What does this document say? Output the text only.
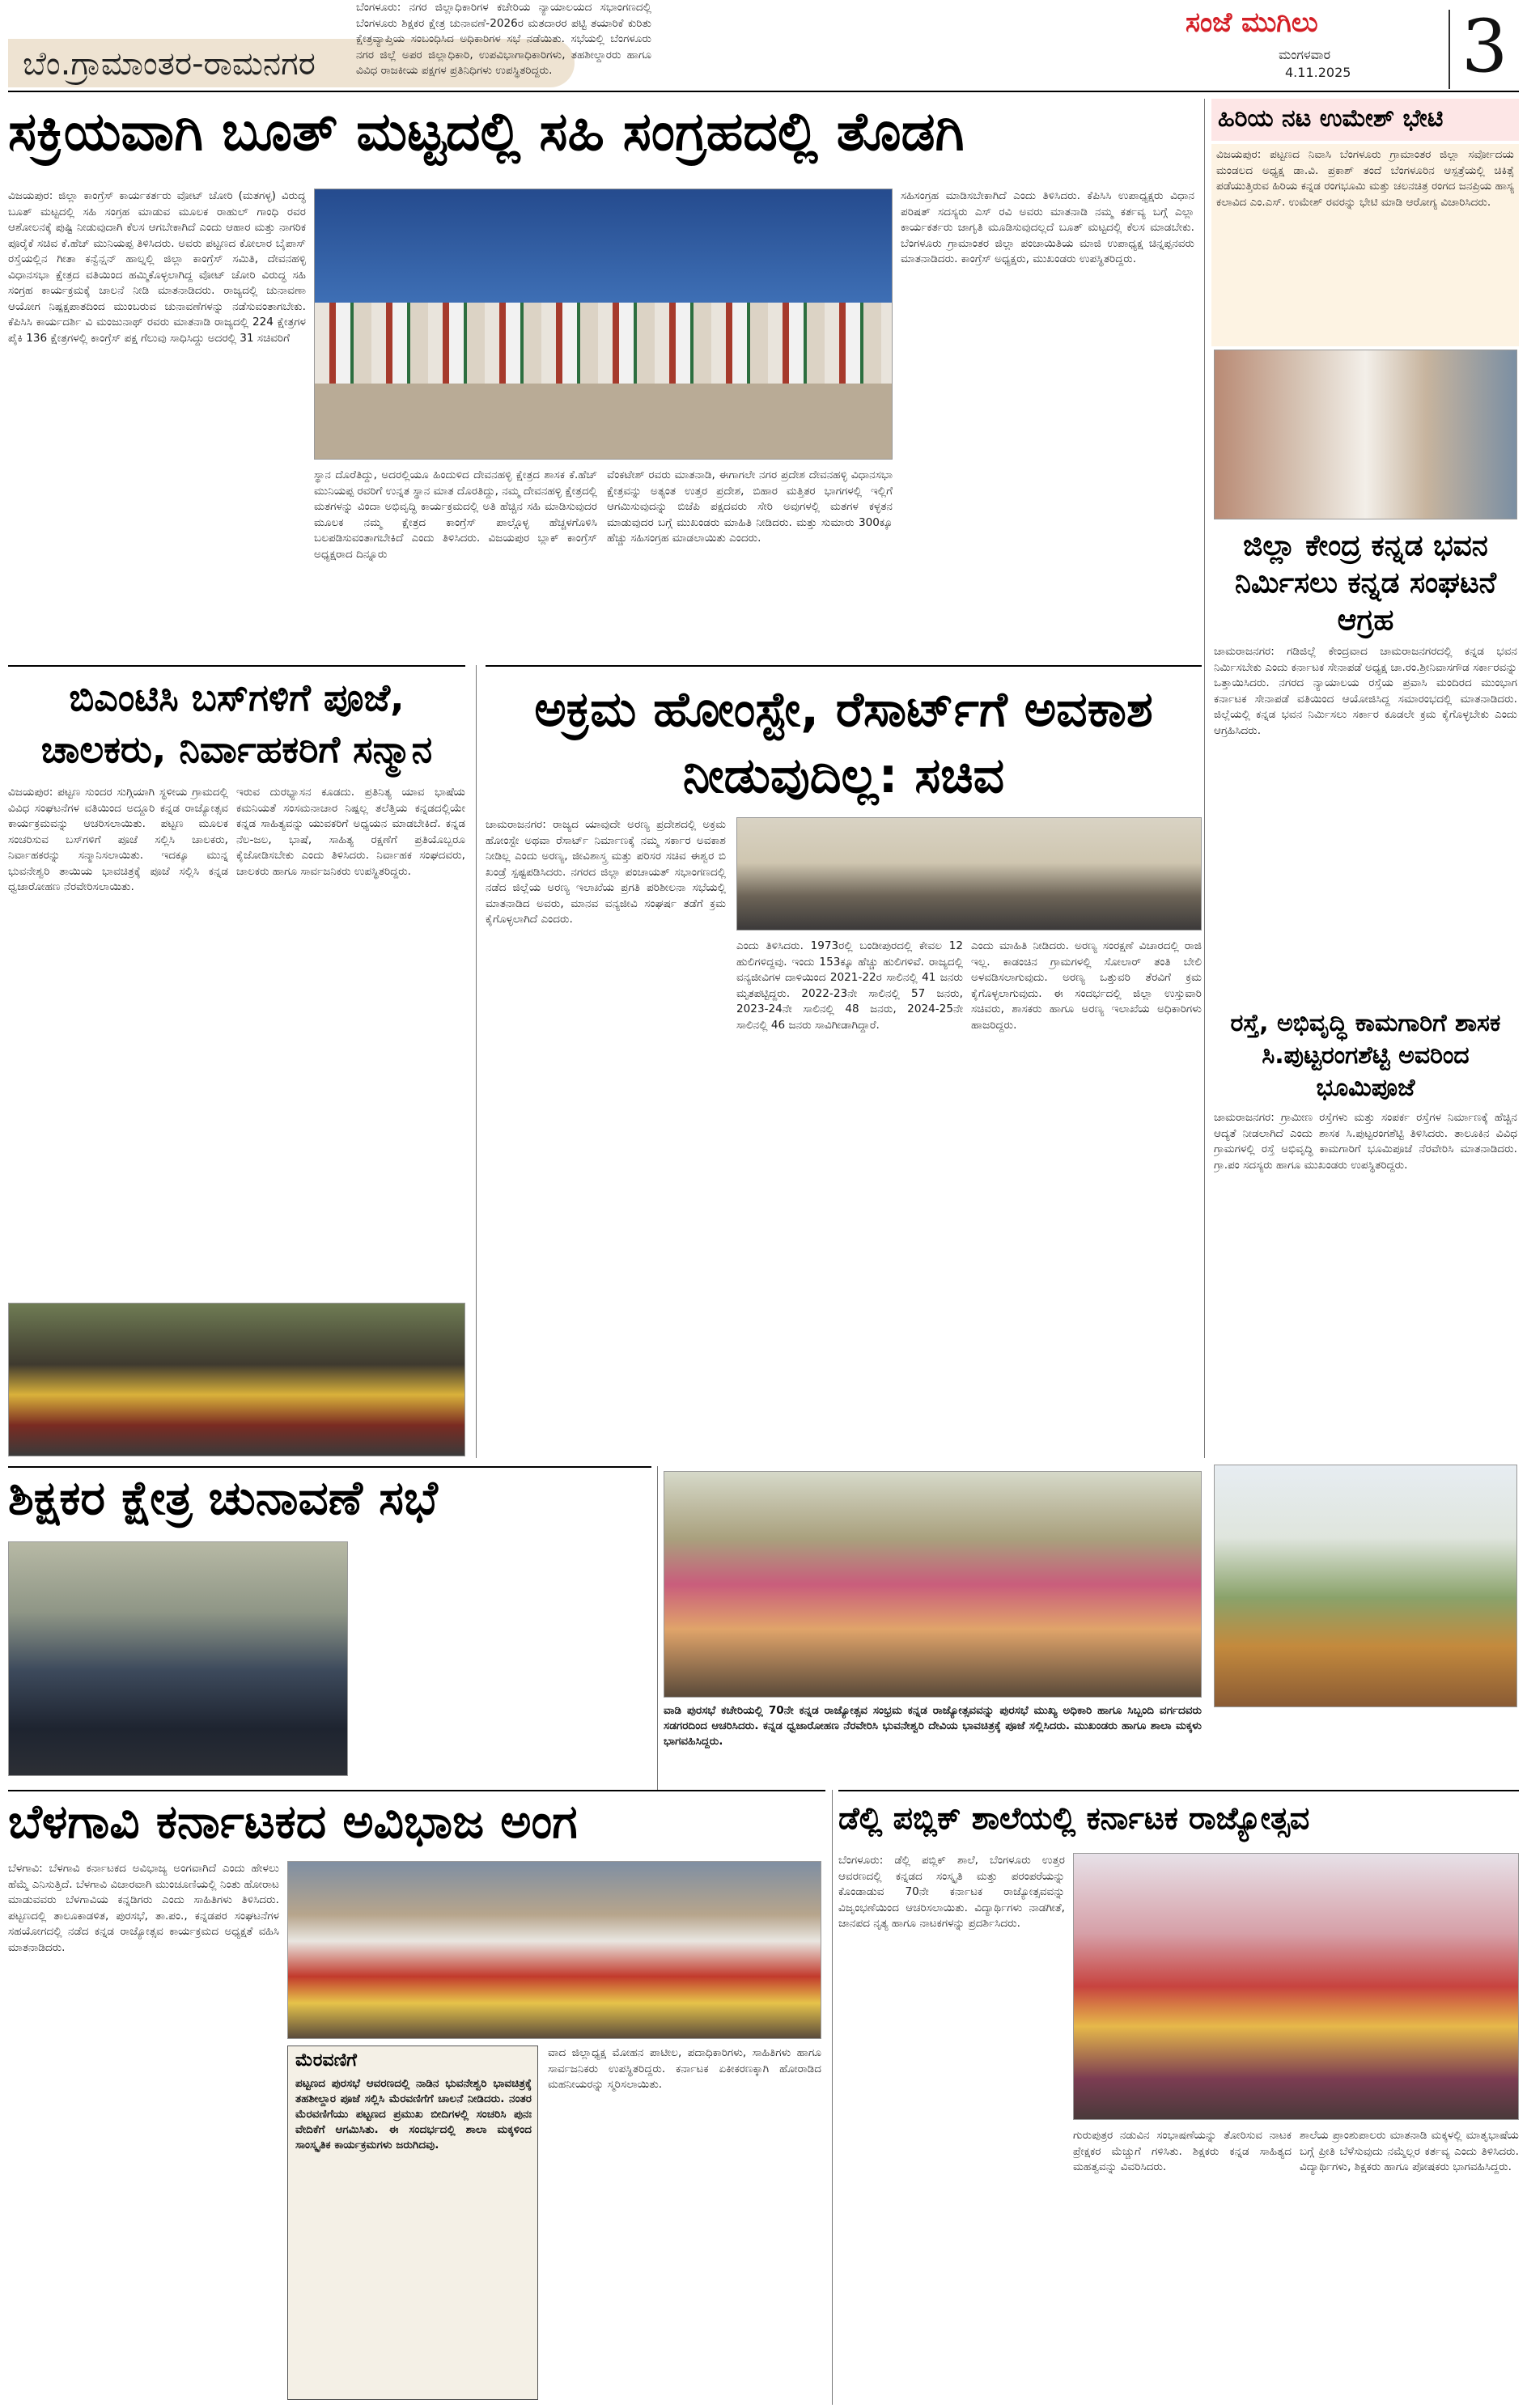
ಬೆಂ.ಗ್ರಾಮಾಂತರ-ರಾಮನಗರ
ಸಂಜೆ ಮುಗಿಲು
ಮಂಗಳವಾರ
4.11.2025 3
ಸಕ್ರಿಯವಾಗಿ ಬೂತ್ ಮಟ್ಟದಲ್ಲಿ ಸಹಿ ಸಂಗ್ರಹದಲ್ಲಿ ತೊಡಗಿ
ವಿಜಯಪುರ: ಜಿಲ್ಲಾ ಕಾಂಗ್ರೆಸ್ ಕಾರ್ಯಕರ್ತರು ವೋಟ್ ಚೋರಿ (ಮತಗಳ್ಳ) ವಿರುದ್ಧ ಬೂತ್ ಮಟ್ಟದಲ್ಲಿ ಸಹಿ ಸಂಗ್ರಹ ಮಾಡುವ ಮೂಲಕ ರಾಹುಲ್ ಗಾಂಧಿ ರವರ ಆಶೋಲನಕ್ಕೆ ಪುಷ್ಟಿ ನೀಡುವುದಾಗಿ ಕೆಲಸ ಆಗಬೇಕಾಗಿದೆ ಎಂದು ಆಹಾರ ಮತ್ತು ನಾಗರಿಕ ಪೂರೈಕೆ ಸಚಿವ ಕೆ.ಹೆಚ್ ಮುನಿಯಪ್ಪ ತಿಳಿಸಿದರು. ಅವರು ಪಟ್ಟಣದ ಕೋಲಾರ ಬೈಪಾಸ್ ರಸ್ತೆಯಲ್ಲಿನ ಗೀತಾ ಕನ್ವೆನ್ಷನ್ ಹಾಲ್ನಲ್ಲಿ ಜಿಲ್ಲಾ ಕಾಂಗ್ರೆಸ್ ಸಮಿತಿ, ದೇವನಹಳ್ಳಿ ವಿಧಾನಸಭಾ ಕ್ಷೇತ್ರದ ವತಿಯಿಂದ ಹಮ್ಮಿಕೊಳ್ಳಲಾಗಿದ್ದ ವೋಟ್ ಚೋರಿ ವಿರುದ್ಧ ಸಹಿ ಸಂಗ್ರಹ ಕಾರ್ಯಕ್ರಮಕ್ಕೆ ಚಾಲನೆ ನೀಡಿ ಮಾತನಾಡಿದರು. ರಾಜ್ಯದಲ್ಲಿ ಚುನಾವಣಾ ಆಯೋಗ ನಿಷ್ಪಕ್ಷಪಾತದಿಂದ ಮುಂಬರುವ ಚುನಾವಣೆಗಳನ್ನು ನಡೆಸುವಂತಾಗಬೇಕು. ಕೆಪಿಸಿಸಿ ಕಾರ್ಯದರ್ಶಿ ವಿ ಮಂಜುನಾಥ್ ರವರು ಮಾತನಾಡಿ ರಾಜ್ಯದಲ್ಲಿ 224 ಕ್ಷೇತ್ರಗಳ ಪೈಕಿ 136 ಕ್ಷೇತ್ರಗಳಲ್ಲಿ ಕಾಂಗ್ರೆಸ್ ಪಕ್ಷ ಗೆಲುವು ಸಾಧಿಸಿದ್ದು ಅದರಲ್ಲಿ 31 ಸಚಿವರಿಗೆ
ಸ್ಥಾನ ದೊರೆತಿದ್ದು, ಅದರಲ್ಲಿಯೂ ಹಿಂದುಳಿದ ದೇವನಹಳ್ಳಿ ಕ್ಷೇತ್ರದ ಶಾಸಕ ಕೆ.ಹೆಚ್ ಮುನಿಯಪ್ಪ ರವರಿಗೆ ಉನ್ನತ ಸ್ಥಾನ ಮಾತ ದೊರತಿದ್ದು, ನಮ್ಮ ದೇವನಹಳ್ಳಿ ಕ್ಷೇತ್ರದಲ್ಲಿ ಮತಗಳನ್ನು ವಿಂದಾ ಅಭಿವೃದ್ಧಿ ಕಾರ್ಯಕ್ರಮದಲ್ಲಿ ಅತಿ ಹೆಚ್ಚಿನ ಸಹಿ ಮಾಡಿಸುವುದರ ಮೂಲಕ ನಮ್ಮ ಕ್ಷೇತ್ರದ ಕಾಂಗ್ರೆಸ್ ಪಾಲ್ಗೊಳ್ಳ ಹೆಚ್ಚಳಗೊಳಿಸಿ ಬಲಪಡಿಸುವಂತಾಗಬೇಕಿದೆ ಎಂದು ತಿಳಿಸಿದರು. ವಿಜಯಪುರ ಬ್ಲಾಕ್ ಕಾಂಗ್ರೆಸ್ ಅಧ್ಯಕ್ಷರಾದ ದಿನ್ನೂರು
ವೆಂಕಟೇಶ್ ರವರು ಮಾತನಾಡಿ, ಈಗಾಗಲೇ ನಗರ ಪ್ರದೇಶ ದೇವನಹಳ್ಳಿ ವಿಧಾನಸಭಾ ಕ್ಷೇತ್ರವನ್ನು ಅತ್ಯಂತ ಉತ್ತರ ಪ್ರದೇಶ, ಬಿಹಾರ ಮತ್ತಿತರ ಭಾಗಗಳಲ್ಲಿ ಇಲ್ಲಿಗೆ ಆಗಮಿಸುವುದನ್ನು ಬಿಜೆಪಿ ಪಕ್ಷದವರು ಸೇರಿ ಅವುಗಳಲ್ಲಿ ಮತಗಳ ಕಳ್ಳತನ ಮಾಡುವುದರ ಬಗ್ಗೆ ಮುಖಂಡರು ಮಾಹಿತಿ ನೀಡಿದರು. ಮತ್ತು ಸುಮಾರು 300ಕ್ಕೂ ಹೆಚ್ಚು ಸಹಿಸಂಗ್ರಹ ಮಾಡಲಾಯಿತು ಎಂದರು.
ಸಹಿಸಂಗ್ರಹ ಮಾಡಿಸಬೇಕಾಗಿದೆ ಎಂದು ತಿಳಿಸಿದರು. ಕೆಪಿಸಿಸಿ ಉಪಾಧ್ಯಕ್ಷರು ವಿಧಾನ ಪರಿಷತ್ ಸದಸ್ಯರು ಎಸ್ ರವಿ ಅವರು ಮಾತನಾಡಿ ನಮ್ಮ ಕರ್ತವ್ಯ ಬಗ್ಗೆ ಎಲ್ಲಾ ಕಾರ್ಯಕರ್ತರು ಜಾಗೃತಿ ಮೂಡಿಸುವುದಲ್ಲದೆ ಬೂತ್ ಮಟ್ಟದಲ್ಲಿ ಕೆಲಸ ಮಾಡಬೇಕು. ಬೆಂಗಳೂರು ಗ್ರಾಮಾಂತರ ಜಿಲ್ಲಾ ಪಂಚಾಯಿತಿಯ ಮಾಜಿ ಉಪಾಧ್ಯಕ್ಷ ಚಿನ್ನಪ್ಪನವರು ಮಾತನಾಡಿದರು. ಕಾಂಗ್ರೆಸ್ ಅಧ್ಯಕ್ಷರು, ಮುಖಂಡರು ಉಪಸ್ಥಿತರಿದ್ದರು.
ಹಿರಿಯ ನಟ ಉಮೇಶ್ ಭೇಟಿ
ವಿಜಯಪುರ: ಪಟ್ಟಣದ ನಿವಾಸಿ ಬೆಂಗಳೂರು ಗ್ರಾಮಾಂತರ ಜಿಲ್ಲಾ ಸರ್ವೋದಯ ಮಂಡಲದ ಅಧ್ಯಕ್ಷ ಡಾ.ವಿ. ಪ್ರಕಾಶ್ ತಂದೆ ಬೆಂಗಳೂರಿನ ಆಸ್ಪತ್ರೆಯಲ್ಲಿ ಚಿಕಿತ್ಸೆ ಪಡೆಯುತ್ತಿರುವ ಹಿರಿಯ ಕನ್ನಡ ರಂಗಭೂಮಿ ಮತ್ತು ಚಲನಚಿತ್ರ ರಂಗದ ಜನಪ್ರಿಯ ಹಾಸ್ಯ ಕಲಾವಿದ ಎಂ.ಎಸ್. ಉಮೇಶ್ ರವರನ್ನು ಭೇಟಿ ಮಾಡಿ ಆರೋಗ್ಯ ವಿಚಾರಿಸಿದರು.
ಜಿಲ್ಲಾ ಕೇಂದ್ರ ಕನ್ನಡ ಭವನ ನಿರ್ಮಿಸಲು ಕನ್ನಡ ಸಂಘಟನೆ ಆಗ್ರಹ
ಚಾಮರಾಜನಗರ: ಗಡಿಜಿಲ್ಲೆ ಕೇಂದ್ರವಾದ ಚಾಮರಾಜನಗರದಲ್ಲಿ ಕನ್ನಡ ಭವನ ನಿರ್ಮಿಸಬೇಕು ಎಂದು ಕರ್ನಾಟಕ ಸೇನಾಪಡೆ ಅಧ್ಯಕ್ಷ ಚಾ.ರಂ.ಶ್ರೀನಿವಾಸಗೌಡ ಸರ್ಕಾರವನ್ನು ಒತ್ತಾಯಿಸಿದರು. ನಗರದ ನ್ಯಾಯಾಲಯ ರಸ್ತೆಯ ಪ್ರವಾಸಿ ಮಂದಿರದ ಮುಂಭಾಗ ಕರ್ನಾಟಕ ಸೇನಾಪಡೆ ವತಿಯಿಂದ ಆಯೋಜಿಸಿದ್ದ ಸಮಾರಂಭದಲ್ಲಿ ಮಾತನಾಡಿದರು. ಜಿಲ್ಲೆಯಲ್ಲಿ ಕನ್ನಡ ಭವನ ನಿರ್ಮಿಸಲು ಸರ್ಕಾರ ಕೂಡಲೇ ಕ್ರಮ ಕೈಗೊಳ್ಳಬೇಕು ಎಂದು ಆಗ್ರಹಿಸಿದರು.
ರಸ್ತೆ, ಅಭಿವೃದ್ಧಿ ಕಾಮಗಾರಿಗೆ ಶಾಸಕ ಸಿ.ಪುಟ್ಟರಂಗಶೆಟ್ಟಿ ಅವರಿಂದ ಭೂಮಿಪೂಜೆ
ಚಾಮರಾಜನಗರ: ಗ್ರಾಮೀಣ ರಸ್ತೆಗಳು ಮತ್ತು ಸಂಪರ್ಕ ರಸ್ತೆಗಳ ನಿರ್ಮಾಣಕ್ಕೆ ಹೆಚ್ಚಿನ ಆದ್ಯತೆ ನೀಡಲಾಗಿದೆ ಎಂದು ಶಾಸಕ ಸಿ.ಪುಟ್ಟರಂಗಶೆಟ್ಟಿ ತಿಳಿಸಿದರು. ತಾಲೂಕಿನ ವಿವಿಧ ಗ್ರಾಮಗಳಲ್ಲಿ ರಸ್ತೆ ಅಭಿವೃದ್ಧಿ ಕಾಮಗಾರಿಗೆ ಭೂಮಿಪೂಜೆ ನೆರವೇರಿಸಿ ಮಾತನಾಡಿದರು. ಗ್ರಾ.ಪಂ ಸದಸ್ಯರು ಹಾಗೂ ಮುಖಂಡರು ಉಪಸ್ಥಿತರಿದ್ದರು.
ಬಿಎಂಟಿಸಿ ಬಸ್‌ಗಳಿಗೆ ಪೂಜೆ, ಚಾಲಕರು, ನಿರ್ವಾಹಕರಿಗೆ ಸನ್ಮಾನ
ವಿಜಯಪುರ: ಪಟ್ಟಣ ಸುಂದರ ಸುಗ್ಗಿಯಾಗಿ ಸ್ಥಳೀಯ ಗ್ರಾಮದಲ್ಲಿ ವಿವಿಧ ಸಂಘಟನೆಗಳ ವತಿಯಿಂದ ಅದ್ದೂರಿ ಕನ್ನಡ ರಾಜ್ಯೋತ್ಸವ ಕಾರ್ಯಕ್ರಮವನ್ನು ಆಚರಿಸಲಾಯಿತು. ಪಟ್ಟಣ ಮೂಲಕ ಸಂಚರಿಸುವ ಬಸ್‌ಗಳಿಗೆ ಪೂಜೆ ಸಲ್ಲಿಸಿ ಚಾಲಕರು, ನಿರ್ವಾಹಕರನ್ನು ಸನ್ಮಾನಿಸಲಾಯಿತು. ಇದಕ್ಕೂ ಮುನ್ನ ಭುವನೇಶ್ವರಿ ತಾಯಿಯ ಭಾವಚಿತ್ರಕ್ಕೆ ಪೂಜೆ ಸಲ್ಲಿಸಿ ಕನ್ನಡ ಧ್ವಜಾರೋಹಣ ನೆರವೇರಿಸಲಾಯಿತು.
ಇರುವ ದುರಭ್ಯಾಸನ ಕೂಡದು. ಪ್ರತಿನಿತ್ಯ ಯಾವ ಭಾಷೆಯ ಕಮನಿಯತೆ ಸಂಸಮನಾಚಾರ ನಿಷ್ಪಲ್ಲ ತಲೆತ್ತಿಯ ಕನ್ನಡದಲ್ಲಿಯೇ ಕನ್ನಡ ಸಾಹಿತ್ಯವನ್ನು ಯುವಕರಿಗೆ ಅಧ್ಯಯನ ಮಾಡಬೇಕಿದೆ. ಕನ್ನಡ ನೆಲ-ಜಲ, ಭಾಷೆ, ಸಾಹಿತ್ಯ ರಕ್ಷಣೆಗೆ ಪ್ರತಿಯೊಬ್ಬರೂ ಕೈಜೋಡಿಸಬೇಕು ಎಂದು ತಿಳಿಸಿದರು. ನಿರ್ವಾಹಕ ಸಂಘದವರು, ಚಾಲಕರು ಹಾಗೂ ಸಾರ್ವಜನಿಕರು ಉಪಸ್ಥಿತರಿದ್ದರು.
ಅಕ್ರಮ ಹೋಂಸ್ಟೇ, ರೆಸಾರ್ಟ್‌ಗೆ ಅವಕಾಶ ನೀಡುವುದಿಲ್ಲ: ಸಚಿವ
ಚಾಮರಾಜನಗರ: ರಾಜ್ಯದ ಯಾವುದೇ ಅರಣ್ಯ ಪ್ರದೇಶದಲ್ಲಿ ಅಕ್ರಮ ಹೋಂಸ್ಟೇ ಅಥವಾ ರೆಸಾರ್ಟ್ ನಿರ್ಮಾಣಕ್ಕೆ ನಮ್ಮ ಸರ್ಕಾರ ಅವಕಾಶ ನೀಡಿಲ್ಲ ಎಂದು ಅರಣ್ಯ, ಜೀವಿಶಾಸ್ತ್ರ ಮತ್ತು ಪರಿಸರ ಸಚಿವ ಈಶ್ವರ ಬಿ ಖಂಡ್ರೆ ಸ್ಪಷ್ಟಪಡಿಸಿದರು. ನಗರದ ಜಿಲ್ಲಾ ಪಂಚಾಯತ್ ಸಭಾಂಗಣದಲ್ಲಿ ನಡೆದ ಜಿಲ್ಲೆಯ ಅರಣ್ಯ ಇಲಾಖೆಯ ಪ್ರಗತಿ ಪರಿಶೀಲನಾ ಸಭೆಯಲ್ಲಿ ಮಾತನಾಡಿದ ಅವರು, ಮಾನವ ವನ್ಯಜೀವಿ ಸಂಘರ್ಷ ತಡೆಗೆ ಕ್ರಮ ಕೈಗೊಳ್ಳಲಾಗಿದೆ ಎಂದರು.
ಎಂದು ತಿಳಿಸಿದರು. 1973ರಲ್ಲಿ ಬಂಡೀಪುರದಲ್ಲಿ ಕೇವಲ 12 ಹುಲಿಗಳಿದ್ದವು. ಇಂದು 153ಕ್ಕೂ ಹೆಚ್ಚು ಹುಲಿಗಳಿವೆ. ರಾಜ್ಯದಲ್ಲಿ ವನ್ಯಜೀವಿಗಳ ದಾಳಿಯಿಂದ 2021-22ರ ಸಾಲಿನಲ್ಲಿ 41 ಜನರು ಮೃತಪಟ್ಟಿದ್ದರು. 2022-23ನೇ ಸಾಲಿನಲ್ಲಿ 57 ಜನರು, 2023-24ನೇ ಸಾಲಿನಲ್ಲಿ 48 ಜನರು, 2024-25ನೇ ಸಾಲಿನಲ್ಲಿ 46 ಜನರು ಸಾವಿಗೀಡಾಗಿದ್ದಾರೆ.
ಎಂದು ಮಾಹಿತಿ ನೀಡಿದರು. ಅರಣ್ಯ ಸಂರಕ್ಷಣೆ ವಿಚಾರದಲ್ಲಿ ರಾಜಿ ಇಲ್ಲ. ಕಾಡಂಚಿನ ಗ್ರಾಮಗಳಲ್ಲಿ ಸೋಲಾರ್ ತಂತಿ ಬೇಲಿ ಅಳವಡಿಸಲಾಗುವುದು. ಅರಣ್ಯ ಒತ್ತುವರಿ ತೆರವಿಗೆ ಕ್ರಮ ಕೈಗೊಳ್ಳಲಾಗುವುದು. ಈ ಸಂದರ್ಭದಲ್ಲಿ ಜಿಲ್ಲಾ ಉಸ್ತುವಾರಿ ಸಚಿವರು, ಶಾಸಕರು ಹಾಗೂ ಅರಣ್ಯ ಇಲಾಖೆಯ ಅಧಿಕಾರಿಗಳು ಹಾಜರಿದ್ದರು.
ಶಿಕ್ಷಕರ ಕ್ಷೇತ್ರ ಚುನಾವಣೆ ಸಭೆ
ಬೆಂಗಳೂರು: ನಗರ ಜಿಲ್ಲಾಧಿಕಾರಿಗಳ ಕಚೇರಿಯ ನ್ಯಾಯಾಲಯದ ಸಭಾಂಗಣದಲ್ಲಿ ಬೆಂಗಳೂರು ಶಿಕ್ಷಕರ ಕ್ಷೇತ್ರ ಚುನಾವಣೆ-2026ರ ಮತದಾರರ ಪಟ್ಟಿ ತಯಾರಿಕೆ ಕುರಿತು ಕ್ಷೇತ್ರವ್ಯಾಪ್ತಿಯ ಸಂಬಂಧಿಸಿದ ಅಧಿಕಾರಿಗಳ ಸಭೆ ನಡೆಯಿತು. ಸಭೆಯಲ್ಲಿ ಬೆಂಗಳೂರು ನಗರ ಜಿಲ್ಲೆ ಅಪರ ಜಿಲ್ಲಾಧಿಕಾರಿ, ಉಪವಿಭಾಗಾಧಿಕಾರಿಗಳು, ತಹಶೀಲ್ದಾರರು ಹಾಗೂ ವಿವಿಧ ರಾಜಕೀಯ ಪಕ್ಷಗಳ ಪ್ರತಿನಿಧಿಗಳು ಉಪಸ್ಥಿತರಿದ್ದರು.
ವಾಡಿ ಪುರಸಭೆ ಕಚೇರಿಯಲ್ಲಿ 70ನೇ ಕನ್ನಡ ರಾಜ್ಯೋತ್ಸವ ಸಂಭ್ರಮ ಕನ್ನಡ ರಾಜ್ಯೋತ್ಸವವನ್ನು ಪುರಸಭೆ ಮುಖ್ಯ ಅಧಿಕಾರಿ ಹಾಗೂ ಸಿಬ್ಬಂದಿ ವರ್ಗದವರು ಸಡಗರದಿಂದ ಆಚರಿಸಿದರು. ಕನ್ನಡ ಧ್ವಜಾರೋಹಣ ನೆರವೇರಿಸಿ ಭುವನೇಶ್ವರಿ ದೇವಿಯ ಭಾವಚಿತ್ರಕ್ಕೆ ಪೂಜೆ ಸಲ್ಲಿಸಿದರು. ಮುಖಂಡರು ಹಾಗೂ ಶಾಲಾ ಮಕ್ಕಳು ಭಾಗವಹಿಸಿದ್ದರು.
ಬೆಳಗಾವಿ ಕರ್ನಾಟಕದ ಅವಿಭಾಜ ಅಂಗ
ಬೆಳಗಾವಿ: ಬೆಳಗಾವಿ ಕರ್ನಾಟಕದ ಅವಿಭಾಜ್ಯ ಅಂಗವಾಗಿದೆ ಎಂದು ಹೇಳಲು ಹೆಮ್ಮೆ ಎನಿಸುತ್ತಿದೆ. ಬೆಳಗಾವಿ ವಿಚಾರವಾಗಿ ಮುಂಚೂಣಿಯಲ್ಲಿ ನಿಂತು ಹೋರಾಟ ಮಾಡುವವರು ಬೆಳಗಾವಿಯ ಕನ್ನಡಿಗರು ಎಂದು ಸಾಹಿತಿಗಳು ತಿಳಿಸಿದರು. ಪಟ್ಟಣದಲ್ಲಿ ತಾಲೂಕಾಡಳಿತ, ಪುರಸಭೆ, ತಾ.ಪಂ., ಕನ್ನಡಪರ ಸಂಘಟನೆಗಳ ಸಹಯೋಗದಲ್ಲಿ ನಡೆದ ಕನ್ನಡ ರಾಜ್ಯೋತ್ಸವ ಕಾರ್ಯಕ್ರಮದ ಅಧ್ಯಕ್ಷತೆ ವಹಿಸಿ ಮಾತನಾಡಿದರು.
ಮೆರವಣಿಗೆ
ಪಟ್ಟಣದ ಪುರಸಭೆ ಆವರಣದಲ್ಲಿ ನಾಡಿನ ಭುವನೇಶ್ವರಿ ಭಾವಚಿತ್ರಕ್ಕೆ ತಹಶೀಲ್ದಾರ ಪೂಜೆ ಸಲ್ಲಿಸಿ ಮೆರವಣಿಗೆಗೆ ಚಾಲನೆ ನೀಡಿದರು. ನಂತರ ಮೆರವಣಿಗೆಯು ಪಟ್ಟಣದ ಪ್ರಮುಖ ಬೀದಿಗಳಲ್ಲಿ ಸಂಚರಿಸಿ ಪುನಃ ವೇದಿಕೆಗೆ ಆಗಮಿಸಿತು. ಈ ಸಂದರ್ಭದಲ್ಲಿ ಶಾಲಾ ಮಕ್ಕಳಿಂದ ಸಾಂಸ್ಕೃತಿಕ ಕಾರ್ಯಕ್ರಮಗಳು ಜರುಗಿದವು.
ವಾದ ಜಿಲ್ಲಾಧ್ಯಕ್ಷ ಮೋಹನ ಪಾಟೀಲ, ಪದಾಧಿಕಾರಿಗಳು, ಸಾಹಿತಿಗಳು ಹಾಗೂ ಸಾರ್ವಜನಿಕರು ಉಪಸ್ಥಿತರಿದ್ದರು. ಕರ್ನಾಟಕ ಏಕೀಕರಣಕ್ಕಾಗಿ ಹೋರಾಡಿದ ಮಹನೀಯರನ್ನು ಸ್ಮರಿಸಲಾಯಿತು.
ಡೆಲ್ಲಿ ಪಬ್ಲಿಕ್ ಶಾಲೆಯಲ್ಲಿ ಕರ್ನಾಟಕ ರಾಜ್ಯೋತ್ಸವ
ಬೆಂಗಳೂರು: ಡೆಲ್ಲಿ ಪಬ್ಲಿಕ್ ಶಾಲೆ, ಬೆಂಗಳೂರು ಉತ್ತರ ಆವರಣದಲ್ಲಿ ಕನ್ನಡದ ಸಂಸ್ಕೃತಿ ಮತ್ತು ಪರಂಪರೆಯನ್ನು ಕೊಂಡಾಡುವ 70ನೇ ಕರ್ನಾಟಕ ರಾಜ್ಯೋತ್ಸವವನ್ನು ವಿಜೃಂಭಣೆಯಿಂದ ಆಚರಿಸಲಾಯಿತು. ವಿದ್ಯಾರ್ಥಿಗಳು ನಾಡಗೀತೆ, ಜಾನಪದ ನೃತ್ಯ ಹಾಗೂ ನಾಟಕಗಳನ್ನು ಪ್ರದರ್ಶಿಸಿದರು.
ಗುರುಪುತ್ರರ ನಡುವಿನ ಸಂಭಾಷಣೆಯನ್ನು ತೋರಿಸುವ ನಾಟಕ ಪ್ರೇಕ್ಷಕರ ಮೆಚ್ಚುಗೆ ಗಳಿಸಿತು. ಶಿಕ್ಷಕರು ಕನ್ನಡ ಸಾಹಿತ್ಯದ ಮಹತ್ವವನ್ನು ವಿವರಿಸಿದರು.
ಶಾಲೆಯ ಪ್ರಾಂಶುಪಾಲರು ಮಾತನಾಡಿ ಮಕ್ಕಳಲ್ಲಿ ಮಾತೃಭಾಷೆಯ ಬಗ್ಗೆ ಪ್ರೀತಿ ಬೆಳೆಸುವುದು ನಮ್ಮೆಲ್ಲರ ಕರ್ತವ್ಯ ಎಂದು ತಿಳಿಸಿದರು. ವಿದ್ಯಾರ್ಥಿಗಳು, ಶಿಕ್ಷಕರು ಹಾಗೂ ಪೋಷಕರು ಭಾಗವಹಿಸಿದ್ದರು.
